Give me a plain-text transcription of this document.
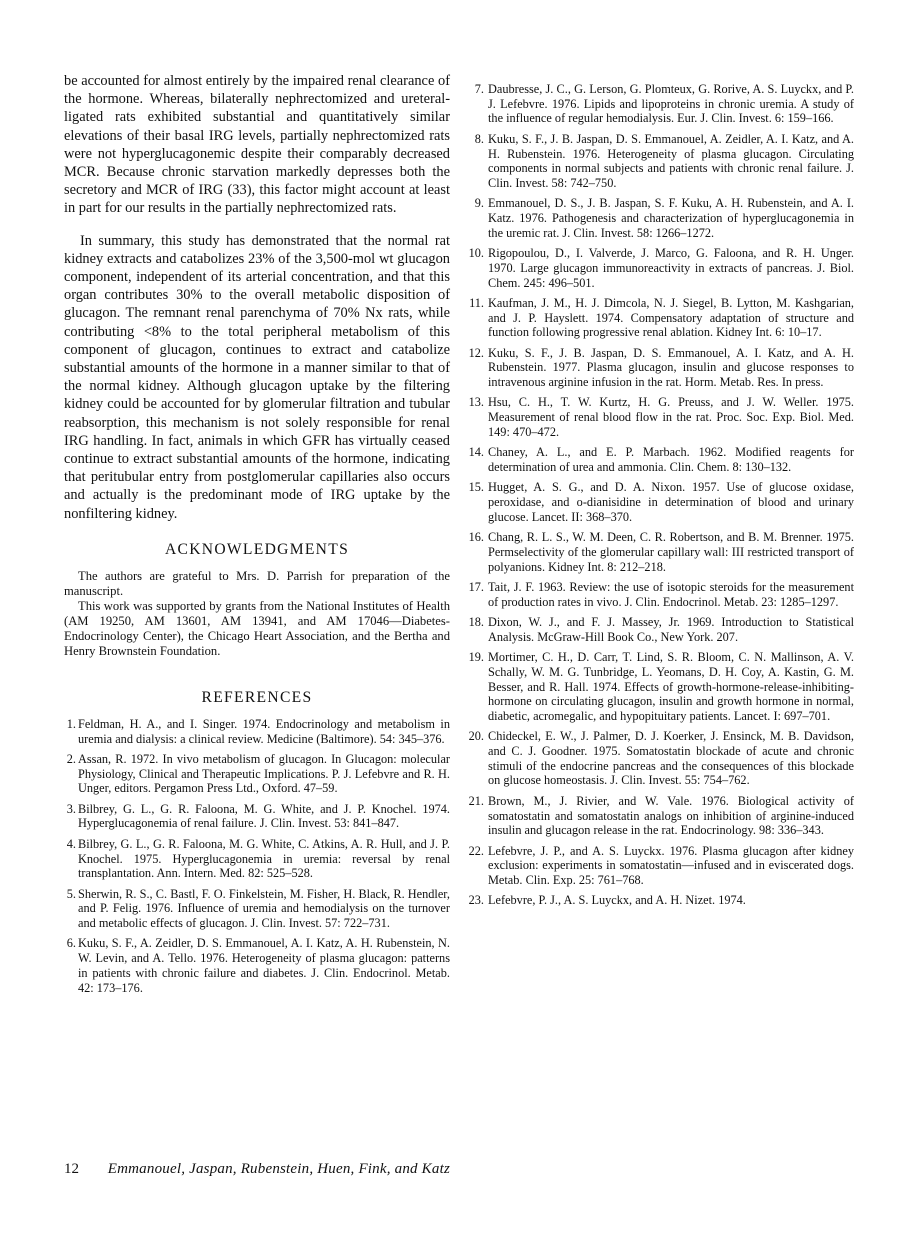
be accounted for almost entirely by the impaired renal clearance of the hormone. Whereas, bilaterally nephrectomized and ureteral-ligated rats exhibited substantial and quantitatively similar elevations of their basal IRG levels, partially nephrectomized rats were not hyperglucagonemic despite their comparably decreased MCR. Because chronic starvation markedly depresses both the secretory and MCR of IRG (33), this factor might account at least in part for our results in the partially nephrectomized rats.

In summary, this study has demonstrated that the normal rat kidney extracts and catabolizes 23% of the 3,500-mol wt glucagon component, independent of its arterial concentration, and that this organ contributes 30% to the overall metabolic disposition of glucagon. The remnant renal parenchyma of 70% Nx rats, while contributing <8% to the total peripheral metabolism of this component of glucagon, continues to extract and catabolize substantial amounts of the hormone in a manner similar to that of the normal kidney. Although glucagon uptake by the filtering kidney could be accounted for by glomerular filtration and tubular reabsorption, this mechanism is not solely responsible for renal IRG handling. In fact, animals in which GFR has virtually ceased continue to extract substantial amounts of the hormone, indicating that peritubular entry from postglomerular capillaries also occurs and actually is the predominant mode of IRG uptake by the nonfiltering kidney.

ACKNOWLEDGMENTS

The authors are grateful to Mrs. D. Parrish for preparation of the manuscript.

This work was supported by grants from the National Institutes of Health (AM 19250, AM 13601, AM 13941, and AM 17046—Diabetes-Endocrinology Center), the Chicago Heart Association, and the Bertha and Henry Brownstein Foundation.

REFERENCES
1. Feldman, H. A., and I. Singer. 1974. Endocrinology and metabolism in uremia and dialysis: a clinical review. Medicine (Baltimore). 54: 345–376.
2. Assan, R. 1972. In vivo metabolism of glucagon. In Glucagon: molecular Physiology, Clinical and Therapeutic Implications. P. J. Lefebvre and R. H. Unger, editors. Pergamon Press Ltd., Oxford. 47–59.
3. Bilbrey, G. L., G. R. Faloona, M. G. White, and J. P. Knochel. 1974. Hyperglucagonemia of renal failure. J. Clin. Invest. 53: 841–847.
4. Bilbrey, G. L., G. R. Faloona, M. G. White, C. Atkins, A. R. Hull, and J. P. Knochel. 1975. Hyperglucagonemia in uremia: reversal by renal transplantation. Ann. Intern. Med. 82: 525–528.
5. Sherwin, R. S., C. Bastl, F. O. Finkelstein, M. Fisher, H. Black, R. Hendler, and P. Felig. 1976. Influence of uremia and hemodialysis on the turnover and metabolic effects of glucagon. J. Clin. Invest. 57: 722–731.
6. Kuku, S. F., A. Zeidler, D. S. Emmanouel, A. I. Katz, A. H. Rubenstein, N. W. Levin, and A. Tello. 1976. Heterogeneity of plasma glucagon: patterns in patients with chronic failure and diabetes. J. Clin. Endocrinol. Metab. 42: 173–176.
7. Daubresse, J. C., G. Lerson, G. Plomteux, G. Rorive, A. S. Luyckx, and P. J. Lefebvre. 1976. Lipids and lipoproteins in chronic uremia. A study of the influence of regular hemodialysis. Eur. J. Clin. Invest. 6: 159–166.
8. Kuku, S. F., J. B. Jaspan, D. S. Emmanouel, A. Zeidler, A. I. Katz, and A. H. Rubenstein. 1976. Heterogeneity of plasma glucagon. Circulating components in normal subjects and patients with chronic renal failure. J. Clin. Invest. 58: 742–750.
9. Emmanouel, D. S., J. B. Jaspan, S. F. Kuku, A. H. Rubenstein, and A. I. Katz. 1976. Pathogenesis and characterization of hyperglucagonemia in the uremic rat. J. Clin. Invest. 58: 1266–1272.
10. Rigopoulou, D., I. Valverde, J. Marco, G. Faloona, and R. H. Unger. 1970. Large glucagon immunoreactivity in extracts of pancreas. J. Biol. Chem. 245: 496–501.
11. Kaufman, J. M., H. J. Dimcola, N. J. Siegel, B. Lytton, M. Kashgarian, and J. P. Hayslett. 1974. Compensatory adaptation of structure and function following progressive renal ablation. Kidney Int. 6: 10–17.
12. Kuku, S. F., J. B. Jaspan, D. S. Emmanouel, A. I. Katz, and A. H. Rubenstein. 1977. Plasma glucagon, insulin and glucose responses to intravenous arginine infusion in the rat. Horm. Metab. Res. In press.
13. Hsu, C. H., T. W. Kurtz, H. G. Preuss, and J. W. Weller. 1975. Measurement of renal blood flow in the rat. Proc. Soc. Exp. Biol. Med. 149: 470–472.
14. Chaney, A. L., and E. P. Marbach. 1962. Modified reagents for determination of urea and ammonia. Clin. Chem. 8: 130–132.
15. Hugget, A. S. G., and D. A. Nixon. 1957. Use of glucose oxidase, peroxidase, and o-dianisidine in determination of blood and urinary glucose. Lancet. II: 368–370.
16. Chang, R. L. S., W. M. Deen, C. R. Robertson, and B. M. Brenner. 1975. Permselectivity of the glomerular capillary wall: III restricted transport of polyanions. Kidney Int. 8: 212–218.
17. Tait, J. F. 1963. Review: the use of isotopic steroids for the measurement of production rates in vivo. J. Clin. Endocrinol. Metab. 23: 1285–1297.
18. Dixon, W. J., and F. J. Massey, Jr. 1969. Introduction to Statistical Analysis. McGraw-Hill Book Co., New York. 207.
19. Mortimer, C. H., D. Carr, T. Lind, S. R. Bloom, C. N. Mallinson, A. V. Schally, W. M. G. Tunbridge, L. Yeomans, D. H. Coy, A. Kastin, G. M. Besser, and R. Hall. 1974. Effects of growth-hormone-release-inhibiting-hormone on circulating glucagon, insulin and growth hormone in normal, diabetic, acromegalic, and hypopituitary patients. Lancet. I: 697–701.
20. Chideckel, E. W., J. Palmer, D. J. Koerker, J. Ensinck, M. B. Davidson, and C. J. Goodner. 1975. Somatostatin blockade of acute and chronic stimuli of the endocrine pancreas and the consequences of this blockade on glucose homeostasis. J. Clin. Invest. 55: 754–762.
21. Brown, M., J. Rivier, and W. Vale. 1976. Biological activity of somatostatin and somatostatin analogs on inhibition of arginine-induced insulin and glucagon release in the rat. Endocrinology. 98: 336–343.
22. Lefebvre, J. P., and A. S. Luyckx. 1976. Plasma glucagon after kidney exclusion: experiments in somatostatin—infused and in eviscerated dogs. Metab. Clin. Exp. 25: 761–768.
23. Lefebvre, P. J., A. S. Luyckx, and A. H. Nizet. 1974.
12 Emmanouel, Jaspan, Rubenstein, Huen, Fink, and Katz
